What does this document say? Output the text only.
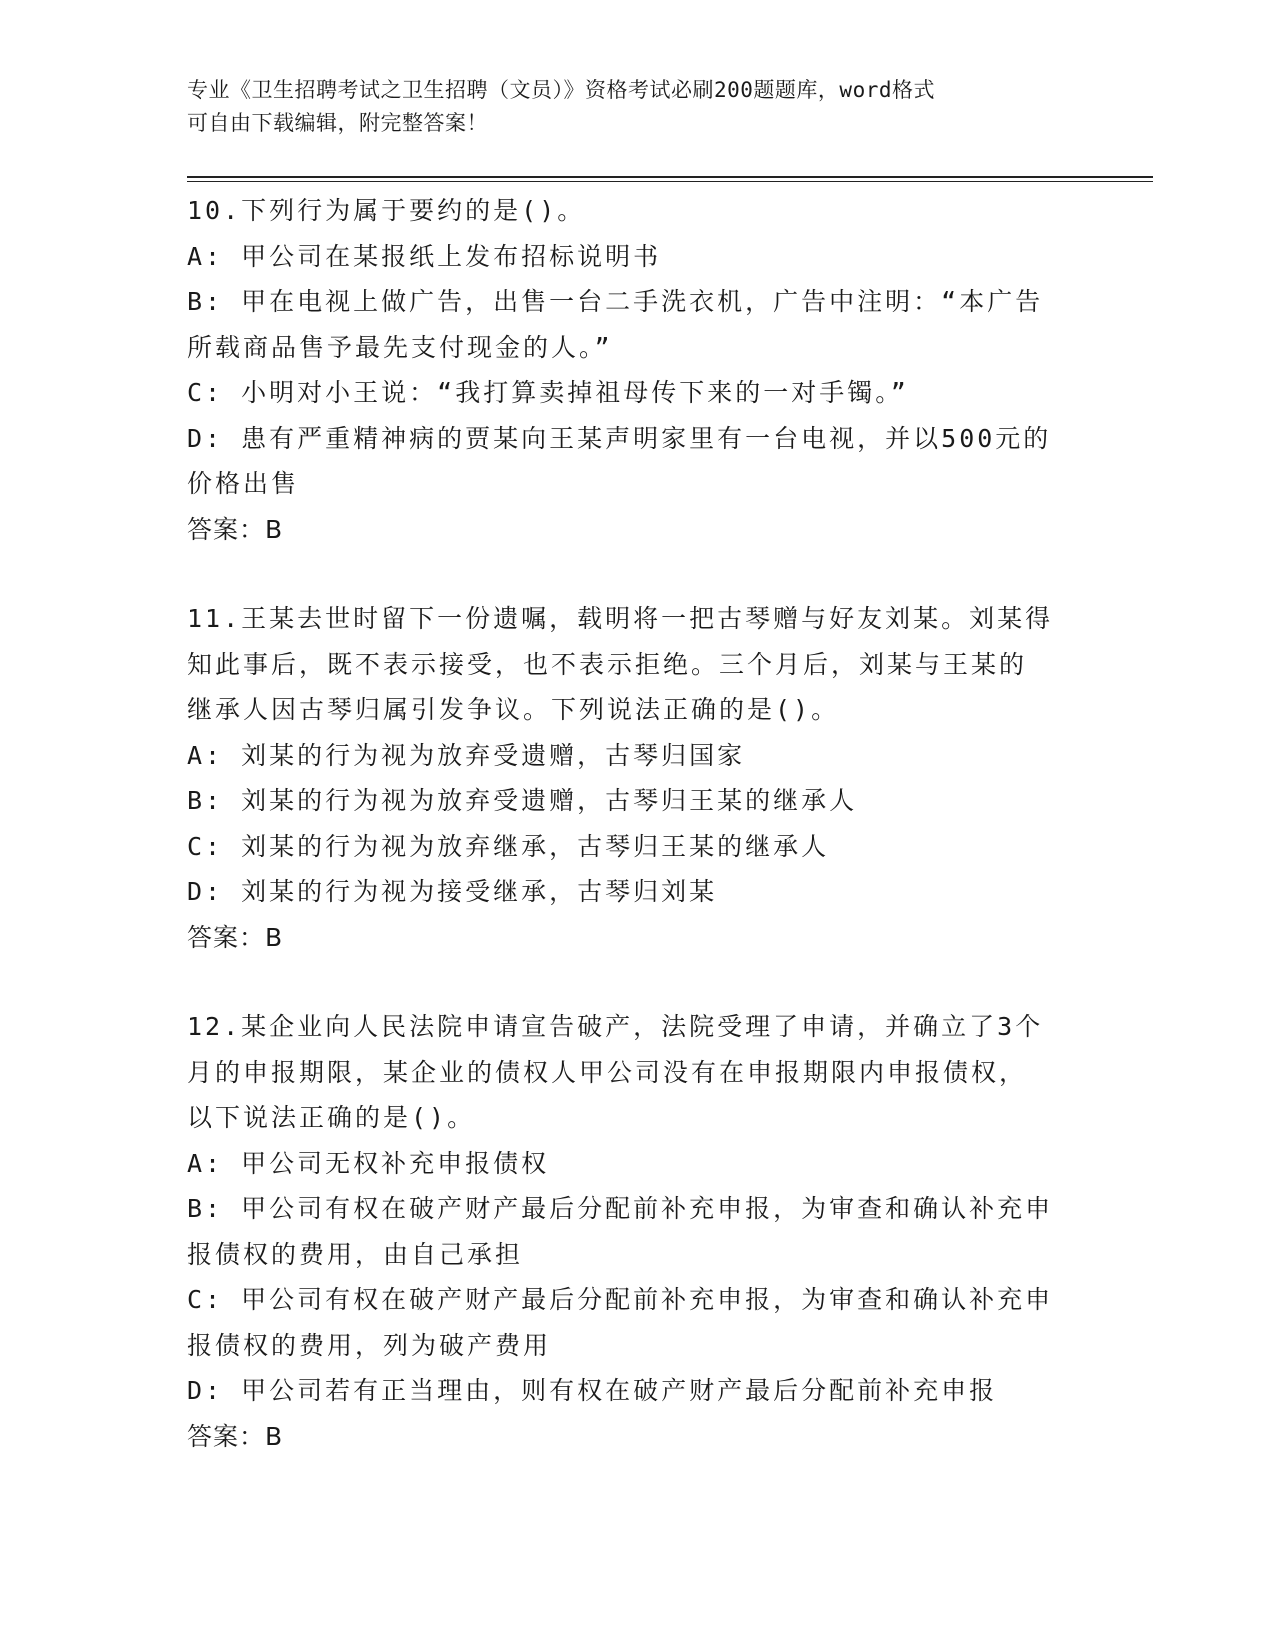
专业《卫生招聘考试之卫生招聘（文员）》资格考试必刷200题题库，word格式
可自由下载编辑，附完整答案！
10.下列行为属于要约的是()。
A: 甲公司在某报纸上发布招标说明书
B: 甲在电视上做广告，出售一台二手洗衣机，广告中注明：“本广告
所载商品售予最先支付现金的人。”
C: 小明对小王说：“我打算卖掉祖母传下来的一对手镯。”
D: 患有严重精神病的贾某向王某声明家里有一台电视，并以500元的
价格出售
答案：B
11.王某去世时留下一份遗嘱，载明将一把古琴赠与好友刘某。刘某得
知此事后，既不表示接受，也不表示拒绝。三个月后，刘某与王某的
继承人因古琴归属引发争议。下列说法正确的是()。
A: 刘某的行为视为放弃受遗赠，古琴归国家
B: 刘某的行为视为放弃受遗赠，古琴归王某的继承人
C: 刘某的行为视为放弃继承，古琴归王某的继承人
D: 刘某的行为视为接受继承，古琴归刘某
答案：B
12.某企业向人民法院申请宣告破产，法院受理了申请，并确立了3个
月的申报期限，某企业的债权人甲公司没有在申报期限内申报债权，
以下说法正确的是()。
A: 甲公司无权补充申报债权
B: 甲公司有权在破产财产最后分配前补充申报，为审查和确认补充申
报债权的费用，由自己承担
C: 甲公司有权在破产财产最后分配前补充申报，为审查和确认补充申
报债权的费用，列为破产费用
D: 甲公司若有正当理由，则有权在破产财产最后分配前补充申报
答案：B
